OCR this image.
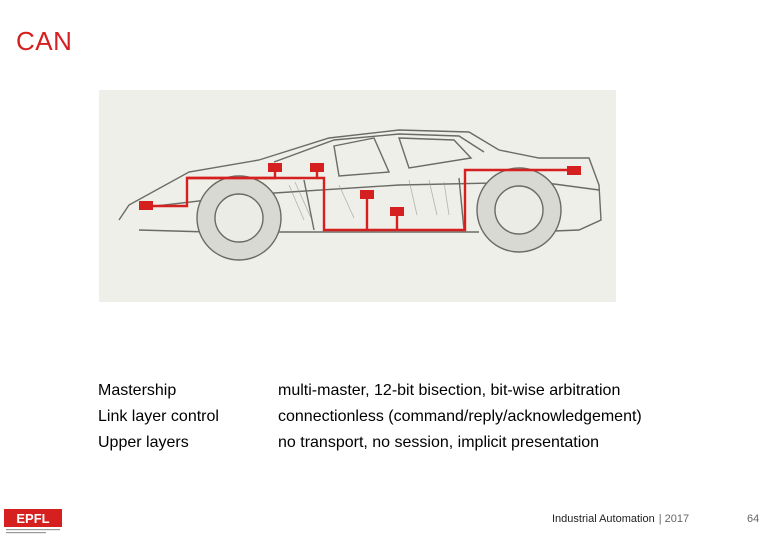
CAN
Mastership	multi-master, 12-bit bisection, bit-wise arbitration
Link layer control	connectionless (command/reply/acknowledgement)
Upper layers	no transport, no session, implicit presentation
EPFL	Industrial Automation | 2017	64
